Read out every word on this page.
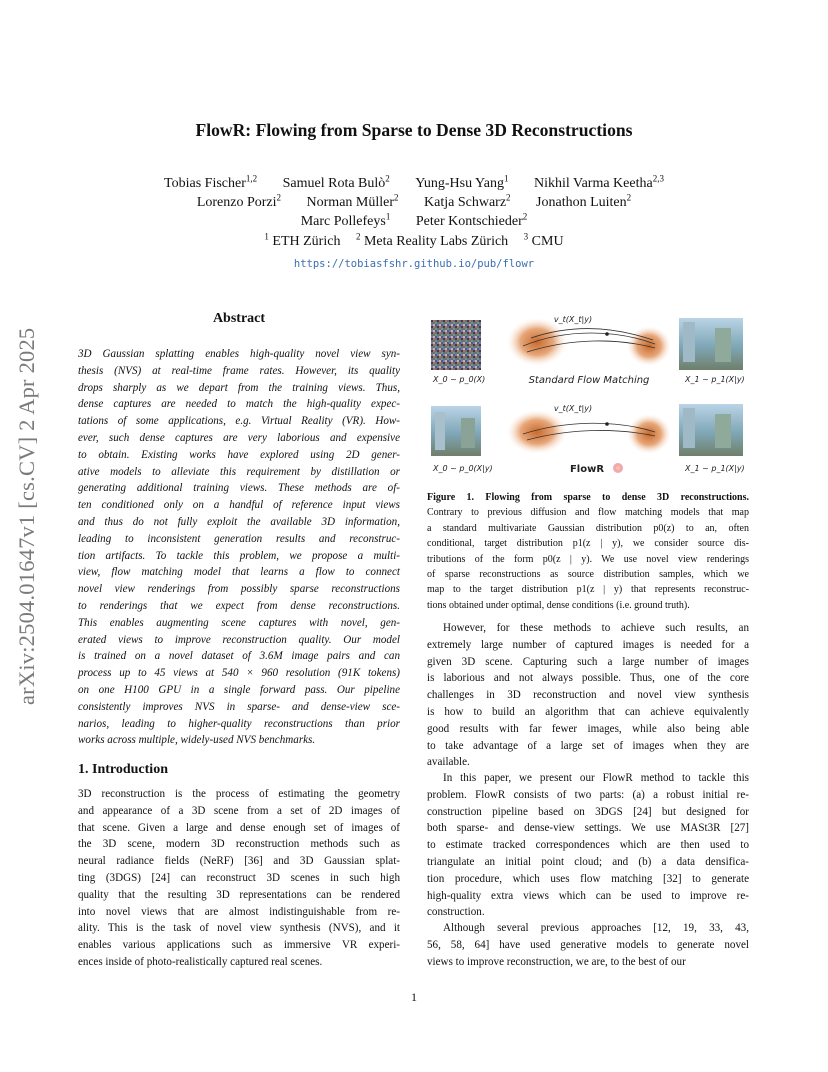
FlowR: Flowing from Sparse to Dense 3D Reconstructions
Tobias Fischer$^{1,2}$ Samuel Rota Bulò$^2$ Yung-Hsu Yang$^1$ Nikhil Varma Keetha$^{2,3}$
Lorenzo Porzi$^2$ Norman Müller$^2$ Katja Schwarz$^2$ Jonathon Luiten$^2$
Marc Pollefeys$^1$ Peter Kontschieder$^2$
$^1$ ETH Zürich $^2$ Meta Reality Labs Zürich $^3$ CMU
https://tobiasfshr.github.io/pub/flowr
arXiv:2504.01647v1 [cs.CV] 2 Apr 2025
Abstract
3D Gaussian splatting enables high-quality novel view syn-
thesis (NVS) at real-time frame rates. However, its quality
drops sharply as we depart from the training views. Thus,
dense captures are needed to match the high-quality expec-
tations of some applications, e.g. Virtual Reality (VR). How-
ever, such dense captures are very laborious and expensive
to obtain. Existing works have explored using 2D gener-
ative models to alleviate this requirement by distillation or
generating additional training views. These methods are of-
ten conditioned only on a handful of reference input views
and thus do not fully exploit the available 3D information,
leading to inconsistent generation results and reconstruc-
tion artifacts. To tackle this problem, we propose a multi-
view, flow matching model that learns a flow to connect
novel view renderings from possibly sparse reconstructions
to renderings that we expect from dense reconstructions.
This enables augmenting scene captures with novel, gen-
erated views to improve reconstruction quality. Our model
is trained on a novel dataset of 3.6M image pairs and can
process up to 45 views at 540 × 960 resolution (91K tokens)
on one H100 GPU in a single forward pass. Our pipeline
consistently improves NVS in sparse- and dense-view sce-
narios, leading to higher-quality reconstructions than prior
works across multiple, widely-used NVS benchmarks.
1. Introduction
3D reconstruction is the process of estimating the geometry
and appearance of a 3D scene from a set of 2D images of
that scene. Given a large and dense enough set of images of
the 3D scene, modern 3D reconstruction methods such as
neural radiance fields (NeRF) [36] and 3D Gaussian splat-
ting (3DGS) [24] can reconstruct 3D scenes in such high
quality that the resulting 3D representations can be rendered
into novel views that are almost indistinguishable from re-
ality. This is the task of novel view synthesis (NVS), and it
enables various applications such as immersive VR experi-
ences inside of photo-realistically captured real scenes.
v_t(X_t|y)
X_0 ~ p_0(X)	Standard Flow Matching	X_1 ~ p_1(X|y)
v_t(X_t|y)
X_0 ~ p_0(X|y)	FlowR	X_1 ~ p_1(X|y)
Figure 1. Flowing from sparse to dense 3D reconstructions.
Contrary to previous diffusion and flow matching models that map
a standard multivariate Gaussian distribution p0(z) to an, often
conditional, target distribution p1(z | y), we consider source dis-
tributions of the form p0(z | y). We use novel view renderings
of sparse reconstructions as source distribution samples, which we
map to the target distribution p1(z | y) that represents reconstruc-
tions obtained under optimal, dense conditions (i.e. ground truth).
However, for these methods to achieve such results, an
extremely large number of captured images is needed for a
given 3D scene. Capturing such a large number of images
is laborious and not always possible. Thus, one of the core
challenges in 3D reconstruction and novel view synthesis
is how to build an algorithm that can achieve equivalently
good results with far fewer images, while also being able
to take advantage of a large set of images when they are
available.
In this paper, we present our FlowR method to tackle this
problem. FlowR consists of two parts: (a) a robust initial re-
construction pipeline based on 3DGS [24] but designed for
both sparse- and dense-view settings. We use MASt3R [27]
to estimate tracked correspondences which are then used to
triangulate an initial point cloud; and (b) a data densifica-
tion procedure, which uses flow matching [32] to generate
high-quality extra views which can be used to improve re-
construction.
Although several previous approaches [12, 19, 33, 43,
56, 58, 64] have used generative models to generate novel
views to improve reconstruction, we are, to the best of our
1
